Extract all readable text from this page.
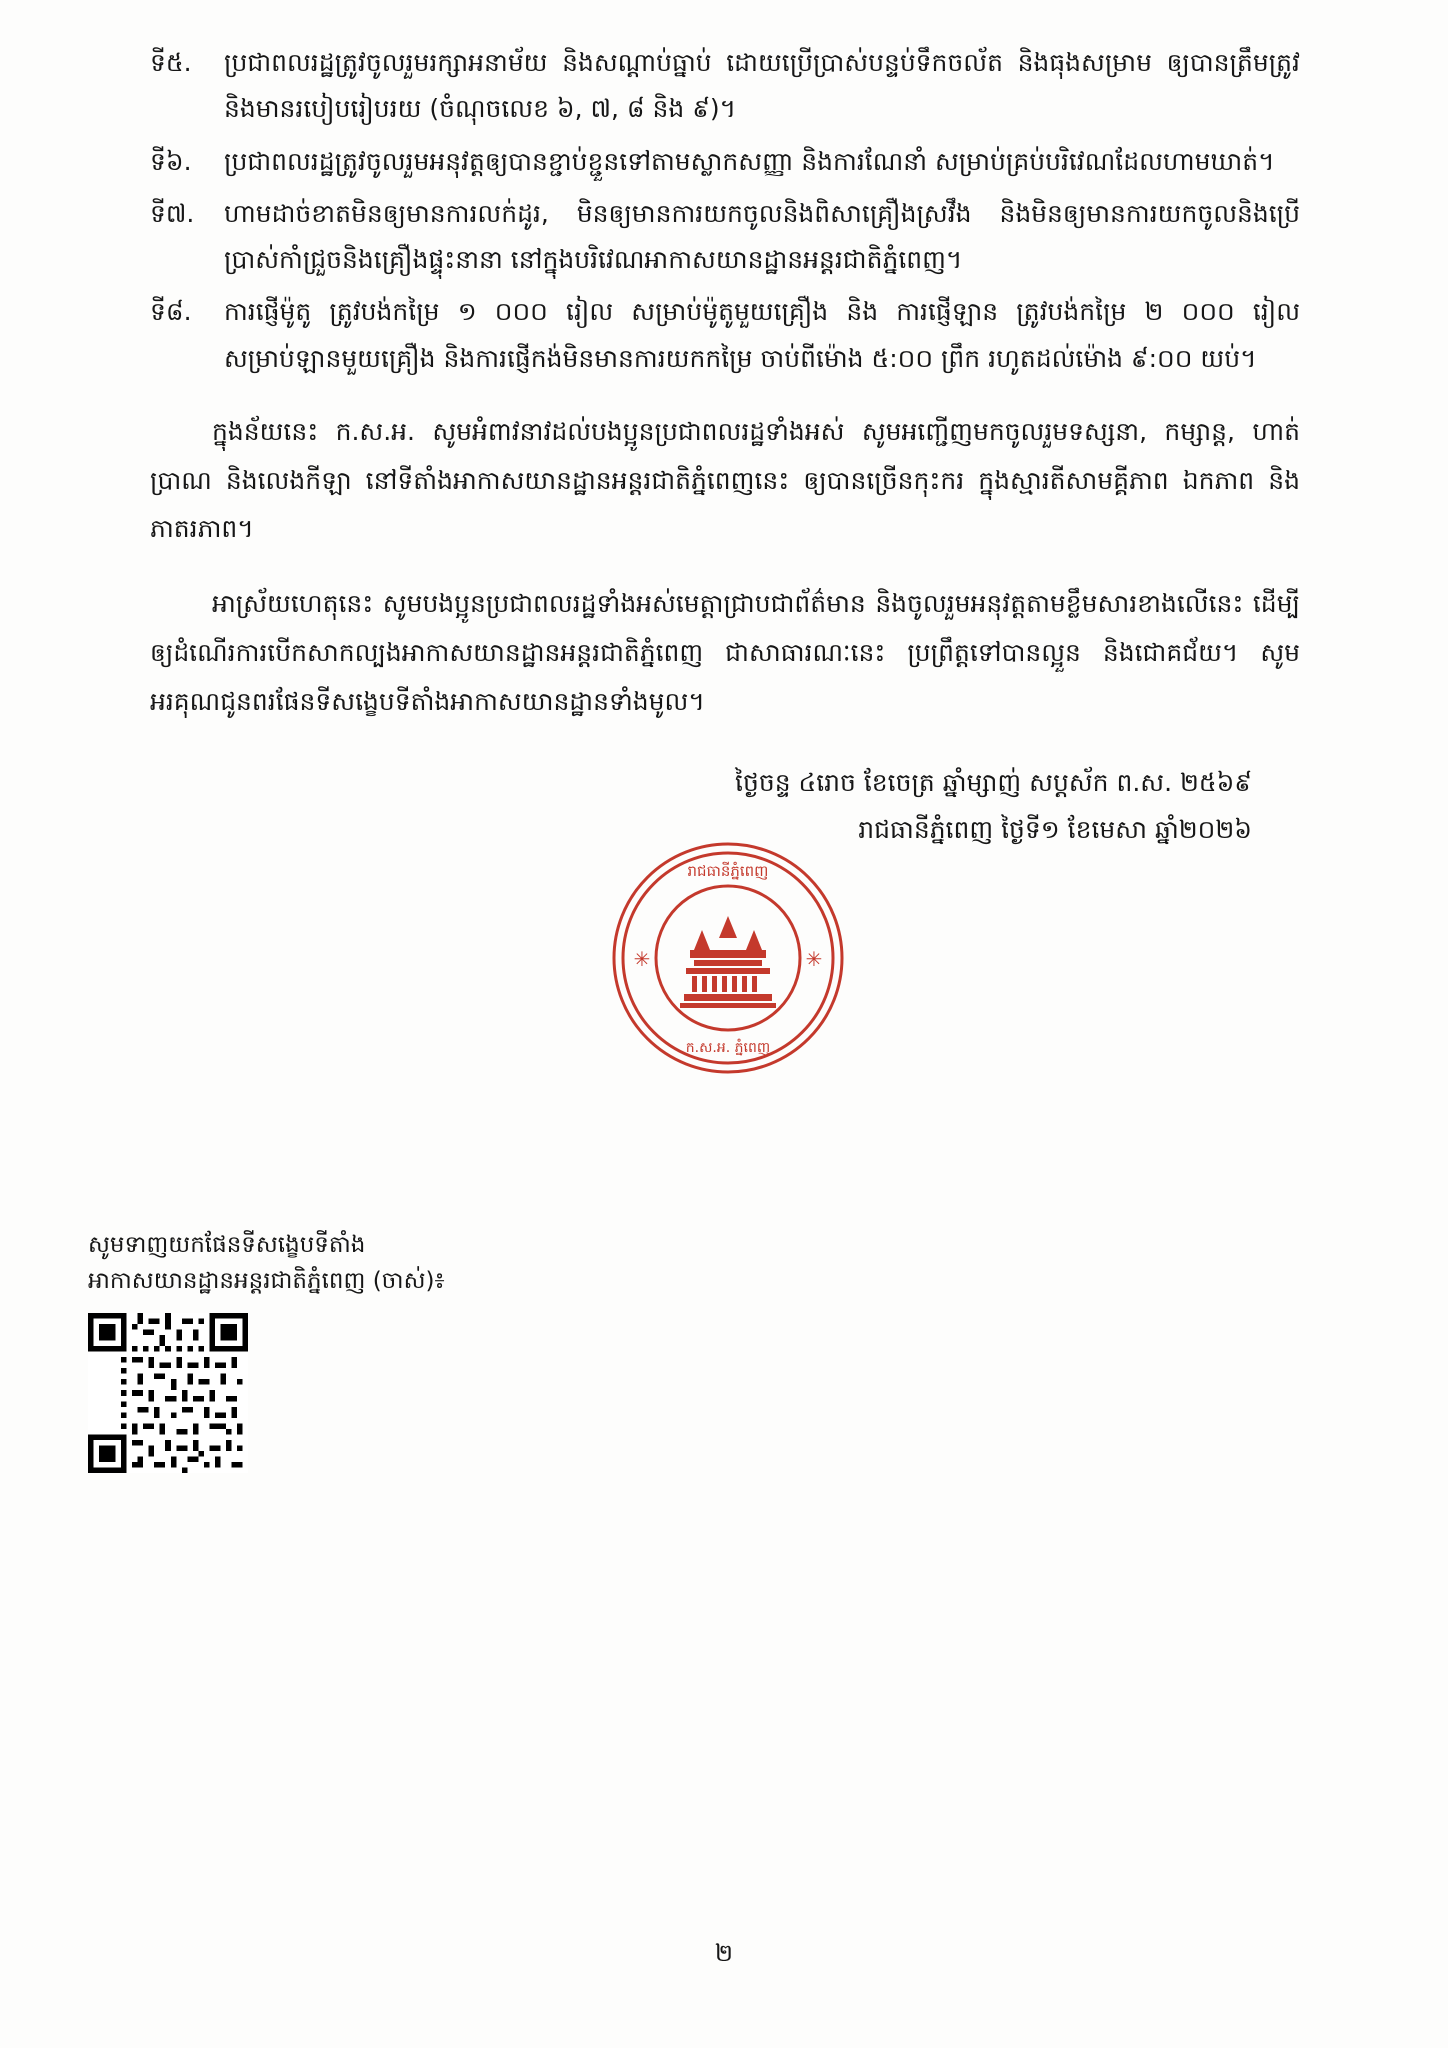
ទី៥.	ប្រជាពលរដ្ឋត្រូវចូលរួមរក្សាអនាម័យ និងសណ្ដាប់ធ្នាប់ ដោយប្រើប្រាស់បន្ទប់ទឹកចល័ត និងធុងសម្រាម ឲ្យបានត្រឹមត្រូវ និងមានរបៀបរៀបរយ (ចំណុចលេខ ៦, ៧, ៨ និង ៩)។
ទី៦.	ប្រជាពលរដ្ឋត្រូវចូលរួមអនុវត្តឲ្យបានខ្ជាប់ខ្ជួនទៅតាមស្លាកសញ្ញា និងការណែនាំ សម្រាប់គ្រប់បរិវេណដែលហាមឃាត់។
ទី៧.	ហាមដាច់ខាតមិនឲ្យមានការលក់ដូរ, មិនឲ្យមានការយកចូលនិងពិសាគ្រឿងស្រវឹង និងមិនឲ្យមានការយកចូលនិងប្រើប្រាស់កាំជ្រួចនិងគ្រឿងផ្ទុះនានា នៅក្នុងបរិវេណអាកាសយានដ្ឋានអន្តរជាតិភ្នំពេញ។
ទី៨.	ការផ្ញើម៉ូតូ ត្រូវបង់កម្រៃ ១ ០០០ រៀល សម្រាប់ម៉ូតូមួយគ្រឿង និង ការផ្ញើឡាន ត្រូវបង់កម្រៃ ២ ០០០ រៀល សម្រាប់ឡានមួយគ្រឿង និងការផ្ញើកង់មិនមានការយកកម្រៃ ចាប់ពីម៉ោង ៥:០០ ព្រឹក រហូតដល់ម៉ោង ៩:០០ យប់។
ក្នុងន័យនេះ ក.ស.អ. សូមអំពាវនាវដល់បងប្អូនប្រជាពលរដ្ឋទាំងអស់ សូមអញ្ជើញមកចូលរួមទស្សនា, កម្សាន្ត, ហាត់ប្រាណ និងលេងកីឡា នៅទីតាំងអាកាសយានដ្ឋានអន្តរជាតិភ្នំពេញនេះ ឲ្យបានច្រើនកុះករ ក្នុងស្មារតីសាមគ្គីភាព ឯកភាព និងភាតរភាព។
អាស្រ័យហេតុនេះ សូមបងប្អូនប្រជាពលរដ្ឋទាំងអស់មេត្តាជ្រាបជាព័ត៌មាន និងចូលរួមអនុវត្តតាមខ្លឹមសារខាងលើនេះ ដើម្បីឲ្យដំណើរការបើកសាកល្បងអាកាសយានដ្ឋានអន្តរជាតិភ្នំពេញ ជាសាធារណៈនេះ ប្រព្រឹត្តទៅបានល្អួន និងជោគជ័យ។ សូមអរគុណជូនពរផែនទីសង្ខេបទីតាំងអាកាសយានដ្ឋានទាំងមូល។
ថ្ងៃចន្ទ ៤រោច ខែចេត្រ ឆ្នាំម្សាញ់ សប្តស័ក ព.ស. ២៥៦៩
រាជធានីភ្នំពេញ ថ្ងៃទី១ ខែមេសា ឆ្នាំ២០២៦
រាជធានីភ្នំពេញ
ក.ស.អ. ភ្នំពេញ
✳	✳
សូមទាញយកផែនទីសង្ខេបទីតាំង
អាកាសយានដ្ឋានអន្តរជាតិភ្នំពេញ (ចាស់)៖
២
